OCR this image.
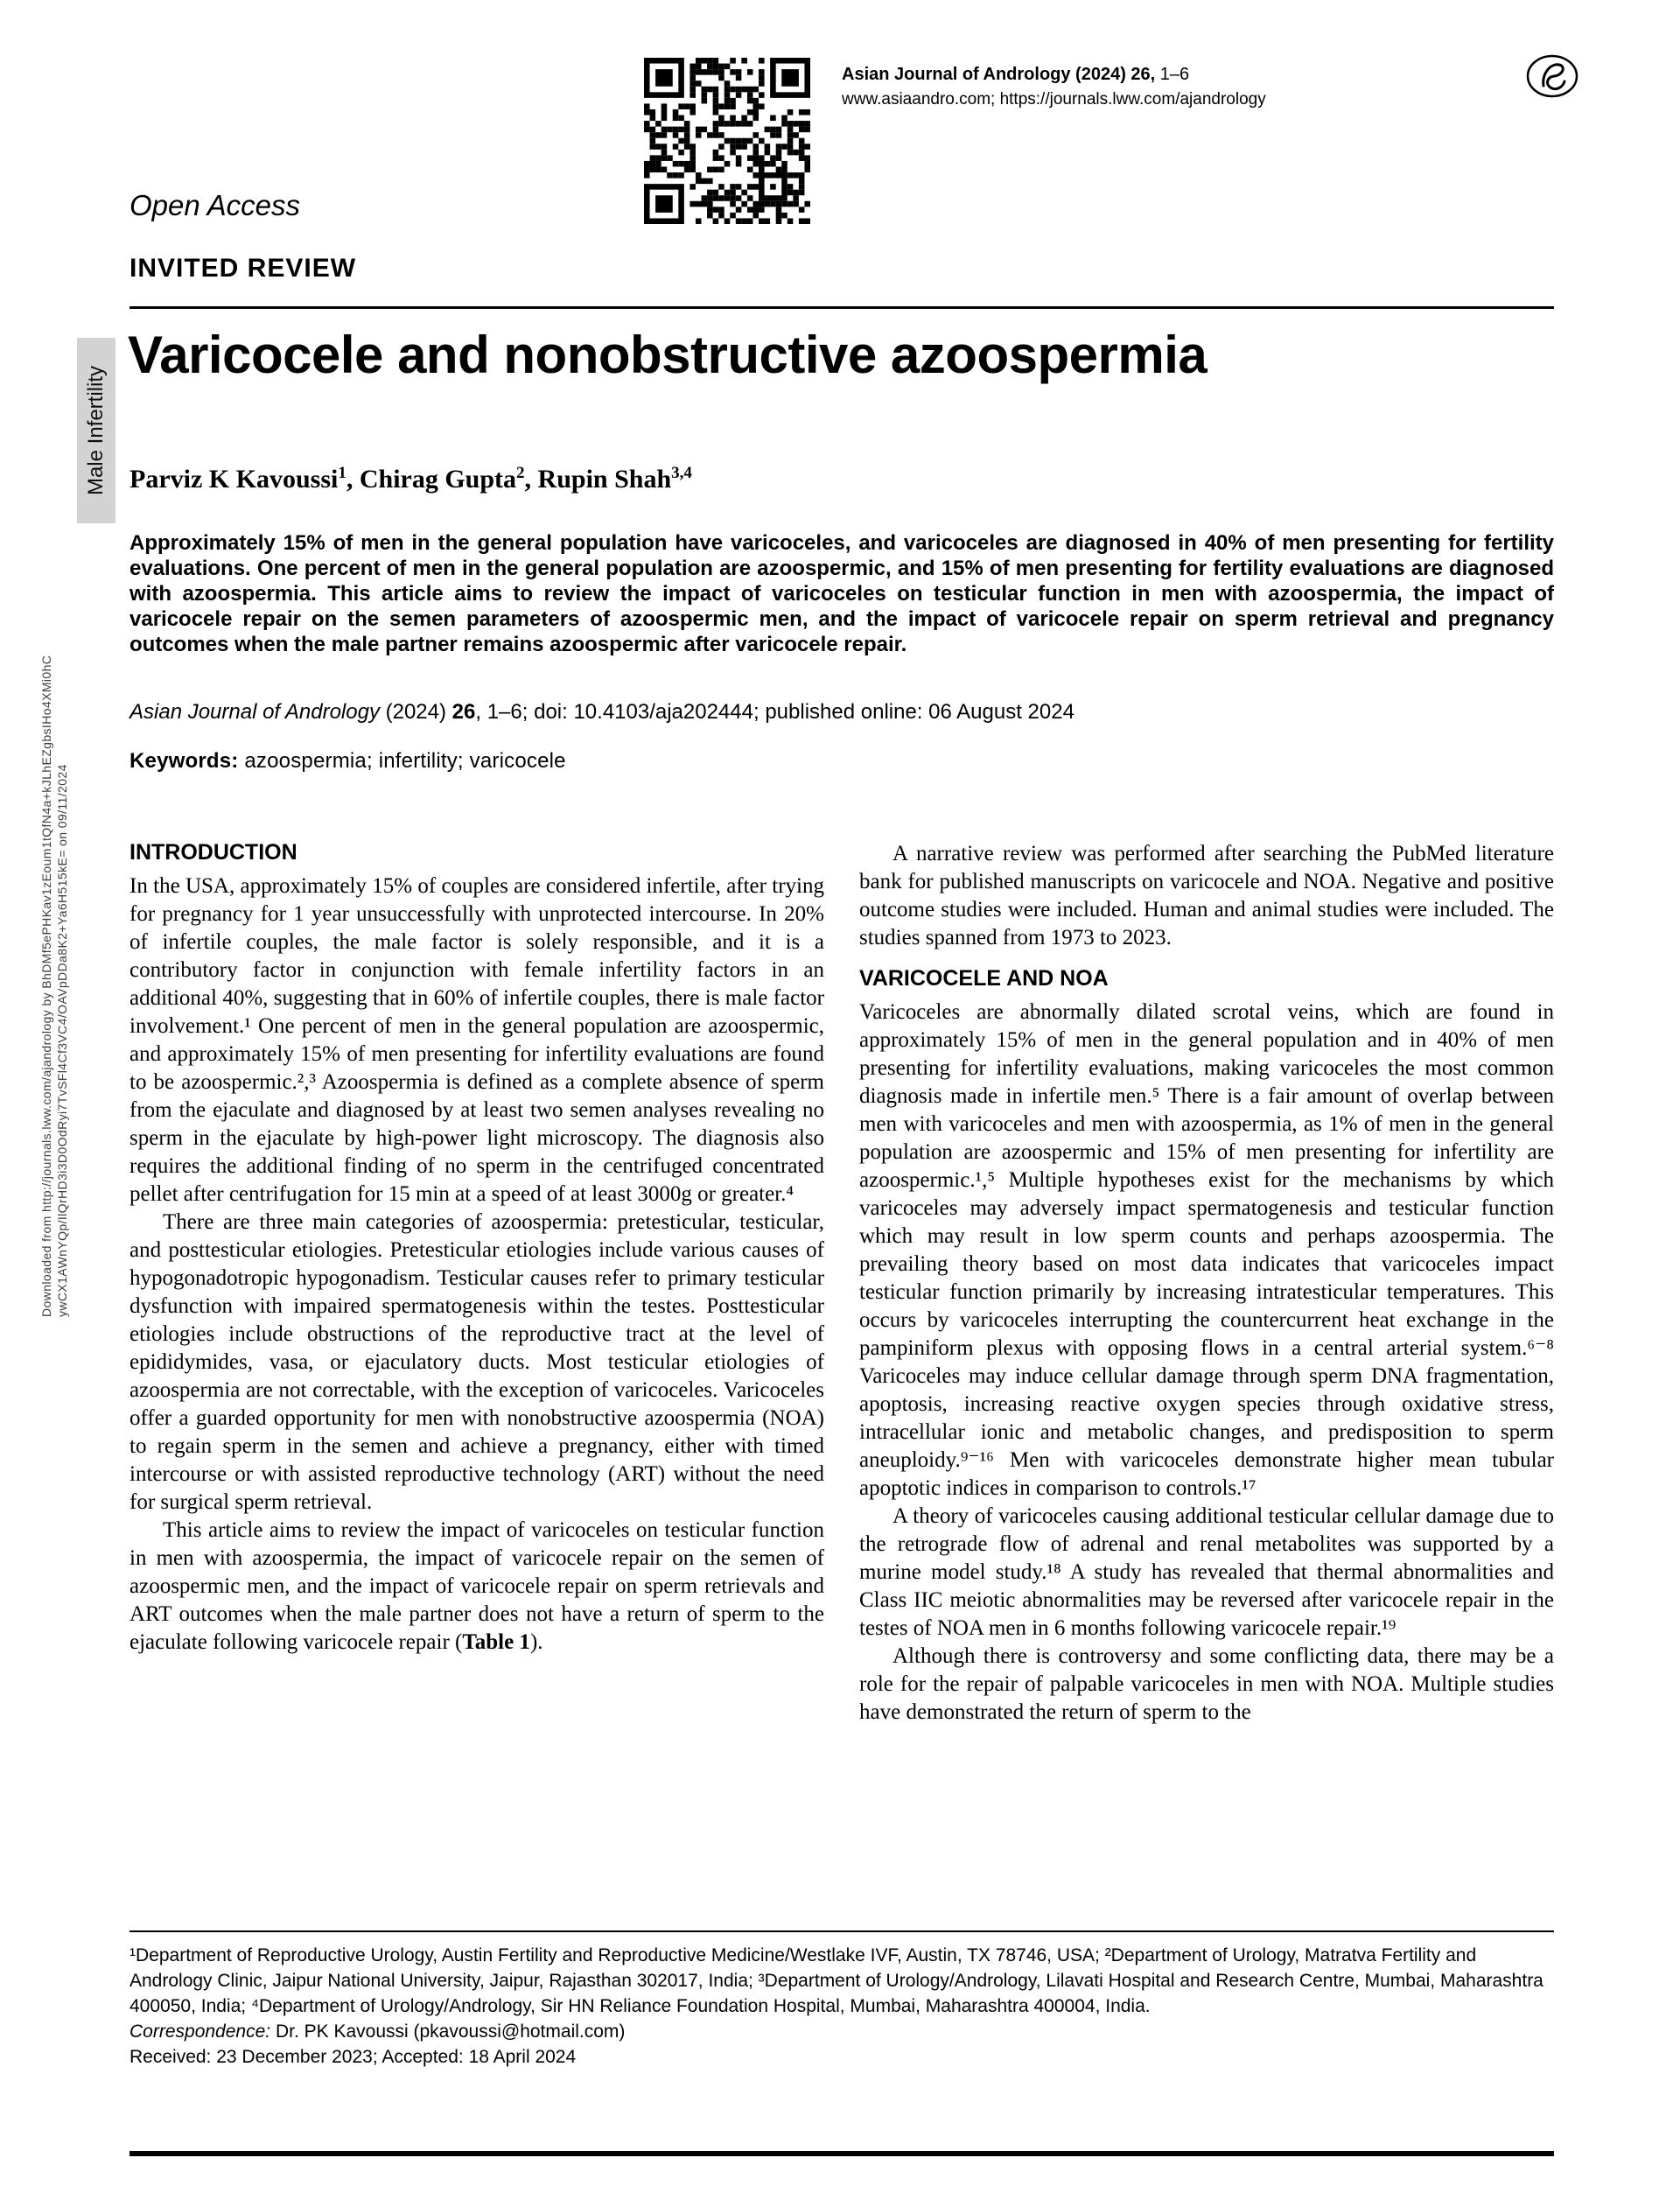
Downloaded from http://journals.lww.com/ajandrology by BhDMf5ePHKav1zEoum1tQfN4a+kJLhEZgbsIHo4XMi0hC ywCX1AWnYQp/IlQrHD3i3D0OdRyi7TvSFl4Cf3VC4/OAVpDDa8K2+Ya6H515kE= on 09/11/2024
Male Infertility
Asian Journal of Andrology (2024) 26, 1–6
www.asiaandro.com; https://journals.lww.com/ajandrology
Open Access
INVITED REVIEW
Varicocele and nonobstructive azoospermia
Parviz K Kavoussi$^1$, Chirag Gupta$^2$, Rupin Shah$^{3,4}$
Approximately 15% of men in the general population have varicoceles, and varicoceles are diagnosed in 40% of men presenting for fertility evaluations. One percent of men in the general population are azoospermic, and 15% of men presenting for fertility evaluations are diagnosed with azoospermia. This article aims to review the impact of varicoceles on testicular function in men with azoospermia, the impact of varicocele repair on the semen parameters of azoospermic men, and the impact of varicocele repair on sperm retrieval and pregnancy outcomes when the male partner remains azoospermic after varicocele repair.
Asian Journal of Andrology (2024) 26, 1–6; doi: 10.4103/aja202444; published online: 06 August 2024
Keywords: azoospermia; infertility; varicocele
INTRODUCTION

In the USA, approximately 15% of couples are considered infertile, after trying for pregnancy for 1 year unsuccessfully with unprotected intercourse. In 20% of infertile couples, the male factor is solely responsible, and it is a contributory factor in conjunction with female infertility factors in an additional 40%, suggesting that in 60% of infertile couples, there is male factor involvement.¹ One percent of men in the general population are azoospermic, and approximately 15% of men presenting for infertility evaluations are found to be azoospermic.²,³ Azoospermia is defined as a complete absence of sperm from the ejaculate and diagnosed by at least two semen analyses revealing no sperm in the ejaculate by high-power light microscopy. The diagnosis also requires the additional finding of no sperm in the centrifuged concentrated pellet after centrifugation for 15 min at a speed of at least 3000g or greater.⁴

There are three main categories of azoospermia: pretesticular, testicular, and posttesticular etiologies. Pretesticular etiologies include various causes of hypogonadotropic hypogonadism. Testicular causes refer to primary testicular dysfunction with impaired spermatogenesis within the testes. Posttesticular etiologies include obstructions of the reproductive tract at the level of epididymides, vasa, or ejaculatory ducts. Most testicular etiologies of azoospermia are not correctable, with the exception of varicoceles. Varicoceles offer a guarded opportunity for men with nonobstructive azoospermia (NOA) to regain sperm in the semen and achieve a pregnancy, either with timed intercourse or with assisted reproductive technology (ART) without the need for surgical sperm retrieval.

This article aims to review the impact of varicoceles on testicular function in men with azoospermia, the impact of varicocele repair on the semen of azoospermic men, and the impact of varicocele repair on sperm retrievals and ART outcomes when the male partner does not have a return of sperm to the ejaculate following varicocele repair (Table 1).

A narrative review was performed after searching the PubMed literature bank for published manuscripts on varicocele and NOA. Negative and positive outcome studies were included. Human and animal studies were included. The studies spanned from 1973 to 2023.

VARICOCELE AND NOA

Varicoceles are abnormally dilated scrotal veins, which are found in approximately 15% of men in the general population and in 40% of men presenting for infertility evaluations, making varicoceles the most common diagnosis made in infertile men.⁵ There is a fair amount of overlap between men with varicoceles and men with azoospermia, as 1% of men in the general population are azoospermic and 15% of men presenting for infertility are azoospermic.¹,⁵ Multiple hypotheses exist for the mechanisms by which varicoceles may adversely impact spermatogenesis and testicular function which may result in low sperm counts and perhaps azoospermia. The prevailing theory based on most data indicates that varicoceles impact testicular function primarily by increasing intratesticular temperatures. This occurs by varicoceles interrupting the countercurrent heat exchange in the pampiniform plexus with opposing flows in a central arterial system.⁶⁻⁸ Varicoceles may induce cellular damage through sperm DNA fragmentation, apoptosis, increasing reactive oxygen species through oxidative stress, intracellular ionic and metabolic changes, and predisposition to sperm aneuploidy.⁹⁻¹⁶ Men with varicoceles demonstrate higher mean tubular apoptotic indices in comparison to controls.¹⁷

A theory of varicoceles causing additional testicular cellular damage due to the retrograde flow of adrenal and renal metabolites was supported by a murine model study.¹⁸ A study has revealed that thermal abnormalities and Class IIC meiotic abnormalities may be reversed after varicocele repair in the testes of NOA men in 6 months following varicocele repair.¹⁹

Although there is controversy and some conflicting data, there may be a role for the repair of palpable varicoceles in men with NOA. Multiple studies have demonstrated the return of sperm to the

¹Department of Reproductive Urology, Austin Fertility and Reproductive Medicine/Westlake IVF, Austin, TX 78746, USA; ²Department of Urology, Matratva Fertility and Andrology Clinic, Jaipur National University, Jaipur, Rajasthan 302017, India; ³Department of Urology/Andrology, Lilavati Hospital and Research Centre, Mumbai, Maharashtra 400050, India; ⁴Department of Urology/Andrology, Sir HN Reliance Foundation Hospital, Mumbai, Maharashtra 400004, India.
Correspondence: Dr. PK Kavoussi (pkavoussi@hotmail.com)
Received: 23 December 2023; Accepted: 18 April 2024
